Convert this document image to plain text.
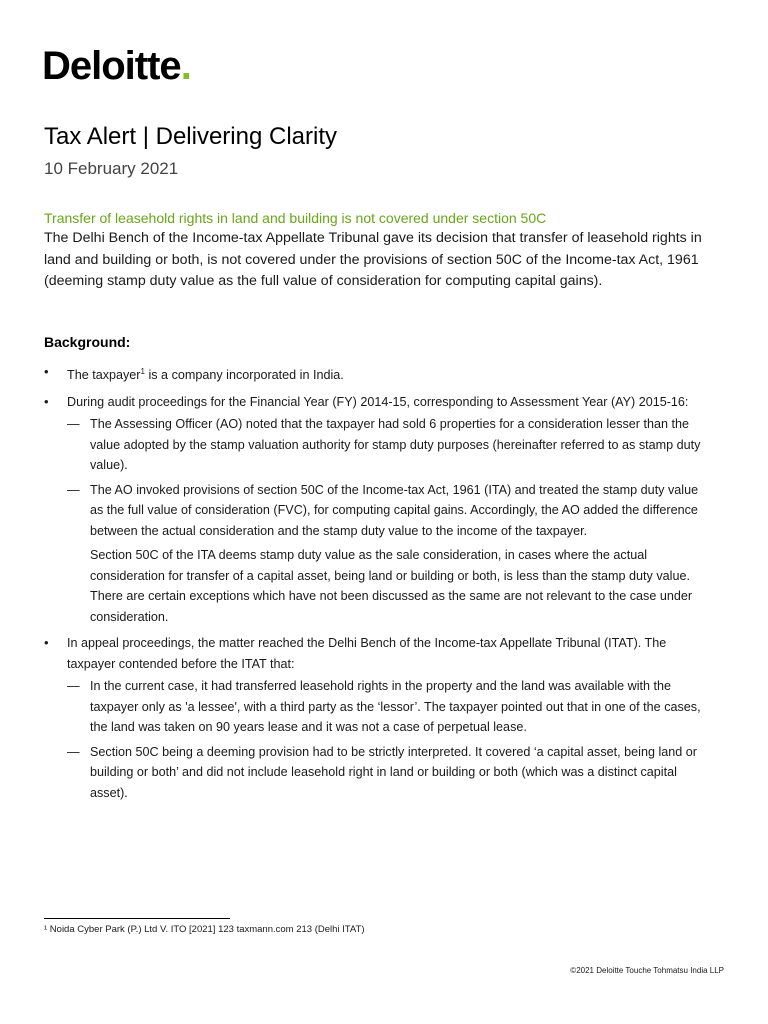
Deloitte.
Tax Alert | Delivering Clarity
10 February 2021
Transfer of leasehold rights in land and building is not covered under section 50C
The Delhi Bench of the Income-tax Appellate Tribunal gave its decision that transfer of leasehold rights in land and building or both, is not covered under the provisions of section 50C of the Income-tax Act, 1961 (deeming stamp duty value as the full value of consideration for computing capital gains).
Background:
• The taxpayer$^1$ is a company incorporated in India.
• During audit proceedings for the Financial Year (FY) 2014-15, corresponding to Assessment Year (AY) 2015-16:
— The Assessing Officer (AO) noted that the taxpayer had sold 6 properties for a consideration lesser than the value adopted by the stamp valuation authority for stamp duty purposes (hereinafter referred to as stamp duty value).
— The AO invoked provisions of section 50C of the Income-tax Act, 1961 (ITA) and treated the stamp duty value as the full value of consideration (FVC), for computing capital gains. Accordingly, the AO added the difference between the actual consideration and the stamp duty value to the income of the taxpayer.
Section 50C of the ITA deems stamp duty value as the sale consideration, in cases where the actual consideration for transfer of a capital asset, being land or building or both, is less than the stamp duty value. There are certain exceptions which have not been discussed as the same are not relevant to the case under consideration.
• In appeal proceedings, the matter reached the Delhi Bench of the Income-tax Appellate Tribunal (ITAT). The taxpayer contended before the ITAT that:
— In the current case, it had transferred leasehold rights in the property and the land was available with the taxpayer only as 'a lessee', with a third party as the ‘lessor’. The taxpayer pointed out that in one of the cases, the land was taken on 90 years lease and it was not a case of perpetual lease.
— Section 50C being a deeming provision had to be strictly interpreted. It covered ‘a capital asset, being land or building or both’ and did not include leasehold right in land or building or both (which was a distinct capital asset).
¹ Noida Cyber Park (P.) Ltd V. ITO [2021] 123 taxmann.com 213 (Delhi ITAT)
©2021 Deloitte Touche Tohmatsu India LLP
